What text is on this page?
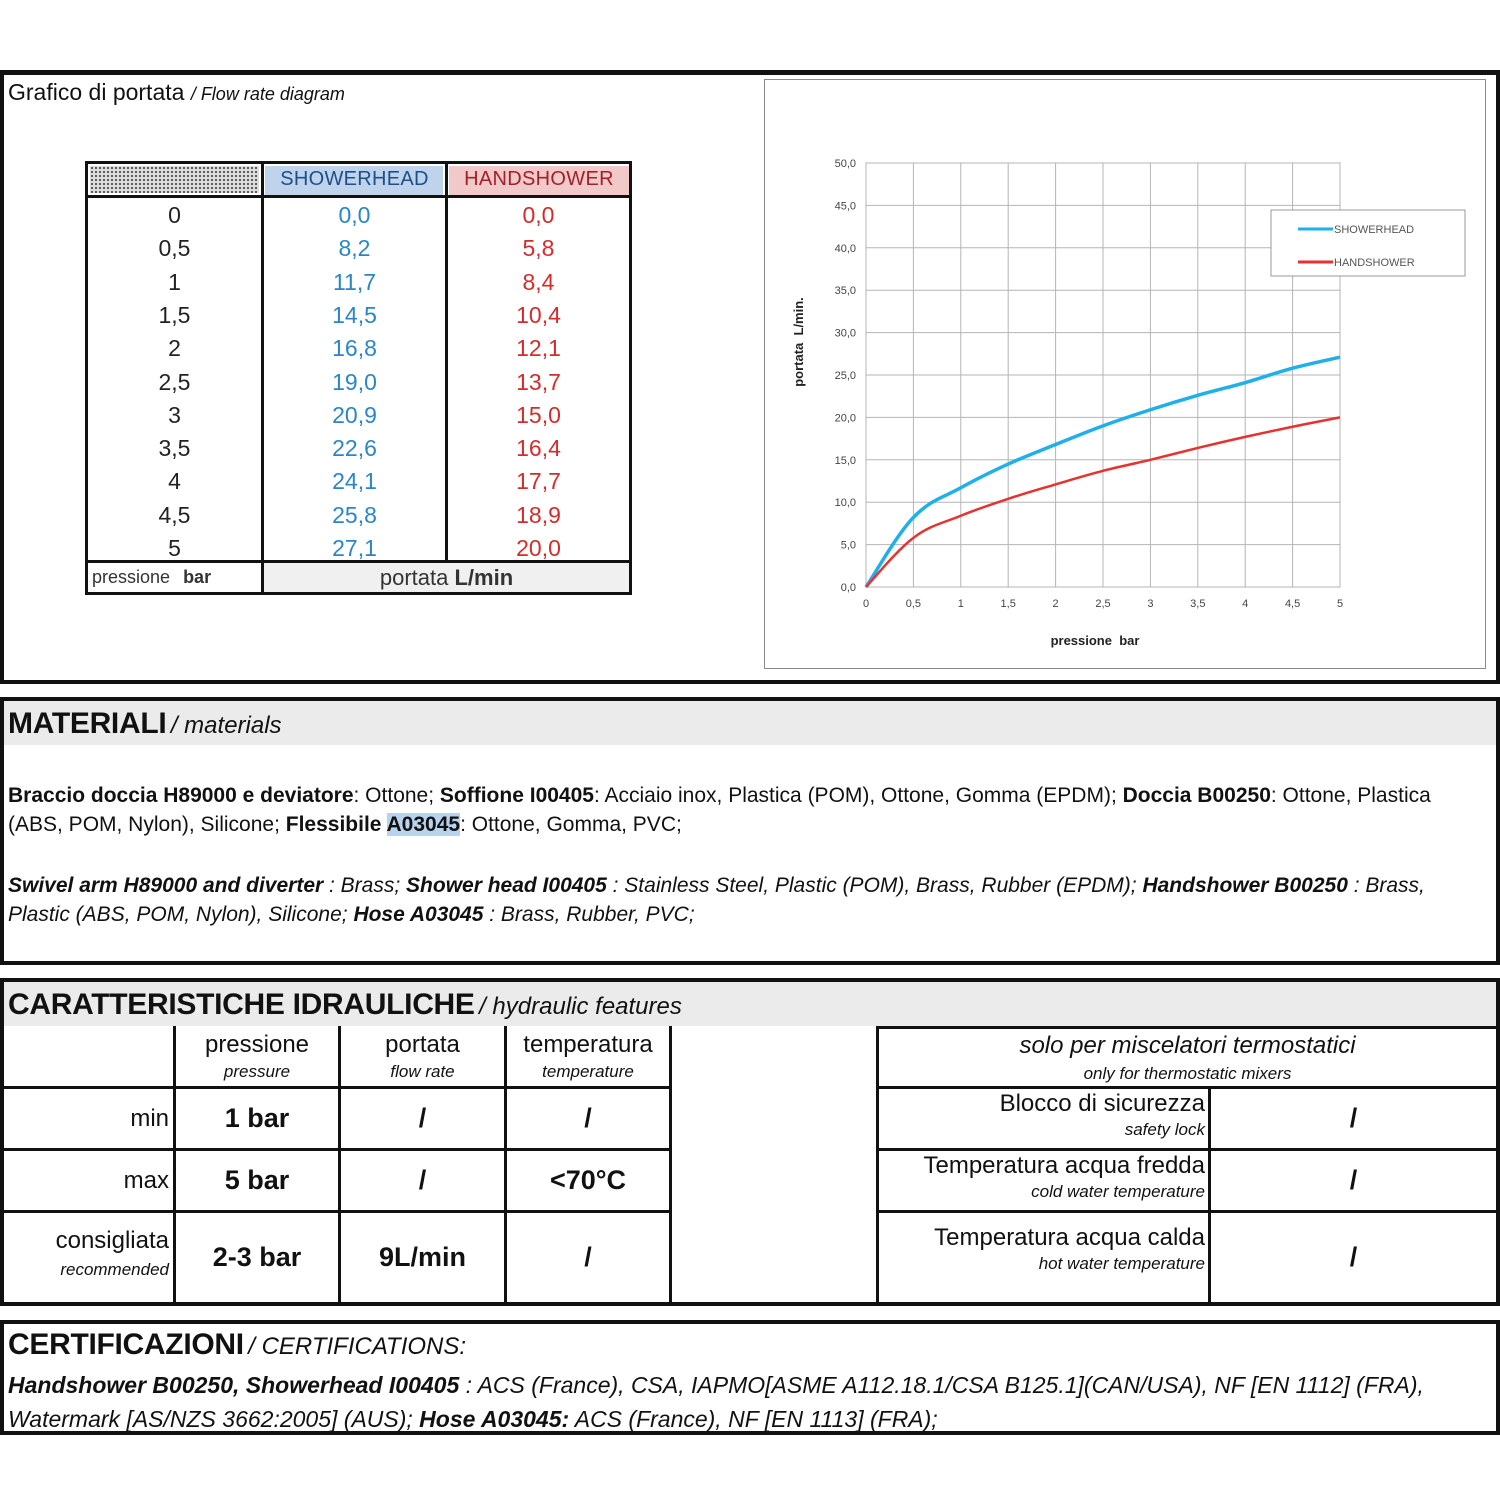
Grafico di portata / Flow rate diagram
SHOWERHEAD	HANDSHOWER
0	0,0	0,0
0,5	8,2	5,8
1	11,7	8,4
1,5	14,5	10,4
2	16,8	12,1
2,5	19,0	13,7
3	20,9	15,0
3,5	22,6	16,4
4	24,1	17,7
4,5	25,8	18,9
5	27,1	20,0
pressione bar	portata L/min	0,0
5,0
10,0
15,0
20,0
25,0
30,0
35,0
40,0
45,0
50,0
0	0,5	1	1,5	2	2,5	3	3,5	4	4,5	5
SHOWERHEAD
HANDSHOWER
pressione  bar
portata  L/min.
MATERIALI / materials
Braccio doccia H89000 e deviatore: Ottone; Soffione I00405: Acciaio inox, Plastica (POM), Ottone, Gomma (EPDM); Doccia B00250: Ottone, Plastica (ABS, POM, Nylon), Silicone; Flessibile A03045: Ottone, Gomma, PVC;
Swivel arm H89000 and diverter : Brass; Shower head I00405 : Stainless Steel, Plastic (POM), Brass, Rubber (EPDM); Handshower B00250 : Brass, Plastic (ABS, POM, Nylon), Silicone; Hose A03045 : Brass, Rubber, PVC;
CARATTERISTICHE IDRAULICHE / hydraulic features
pressione
pressure
portata
flow rate
temperatura
temperature
min	1 bar	/	/
max	5 bar	/	<70°C
consigliata
recommended	2-3 bar	9L/min	/
solo per miscelatori termostatici
only for thermostatic mixers
Blocco di sicurezza
safety lock	/
Temperatura acqua fredda
cold water temperature	/
Temperatura acqua calda
hot water temperature	/
CERTIFICAZIONI / CERTIFICATIONS:
Handshower B00250, Showerhead I00405 : ACS (France), CSA, IAPMO[ASME A112.18.1/CSA B125.1](CAN/USA), NF [EN 1112] (FRA), Watermark [AS/NZS 3662:2005] (AUS); Hose A03045: ACS (France), NF [EN 1113] (FRA);
